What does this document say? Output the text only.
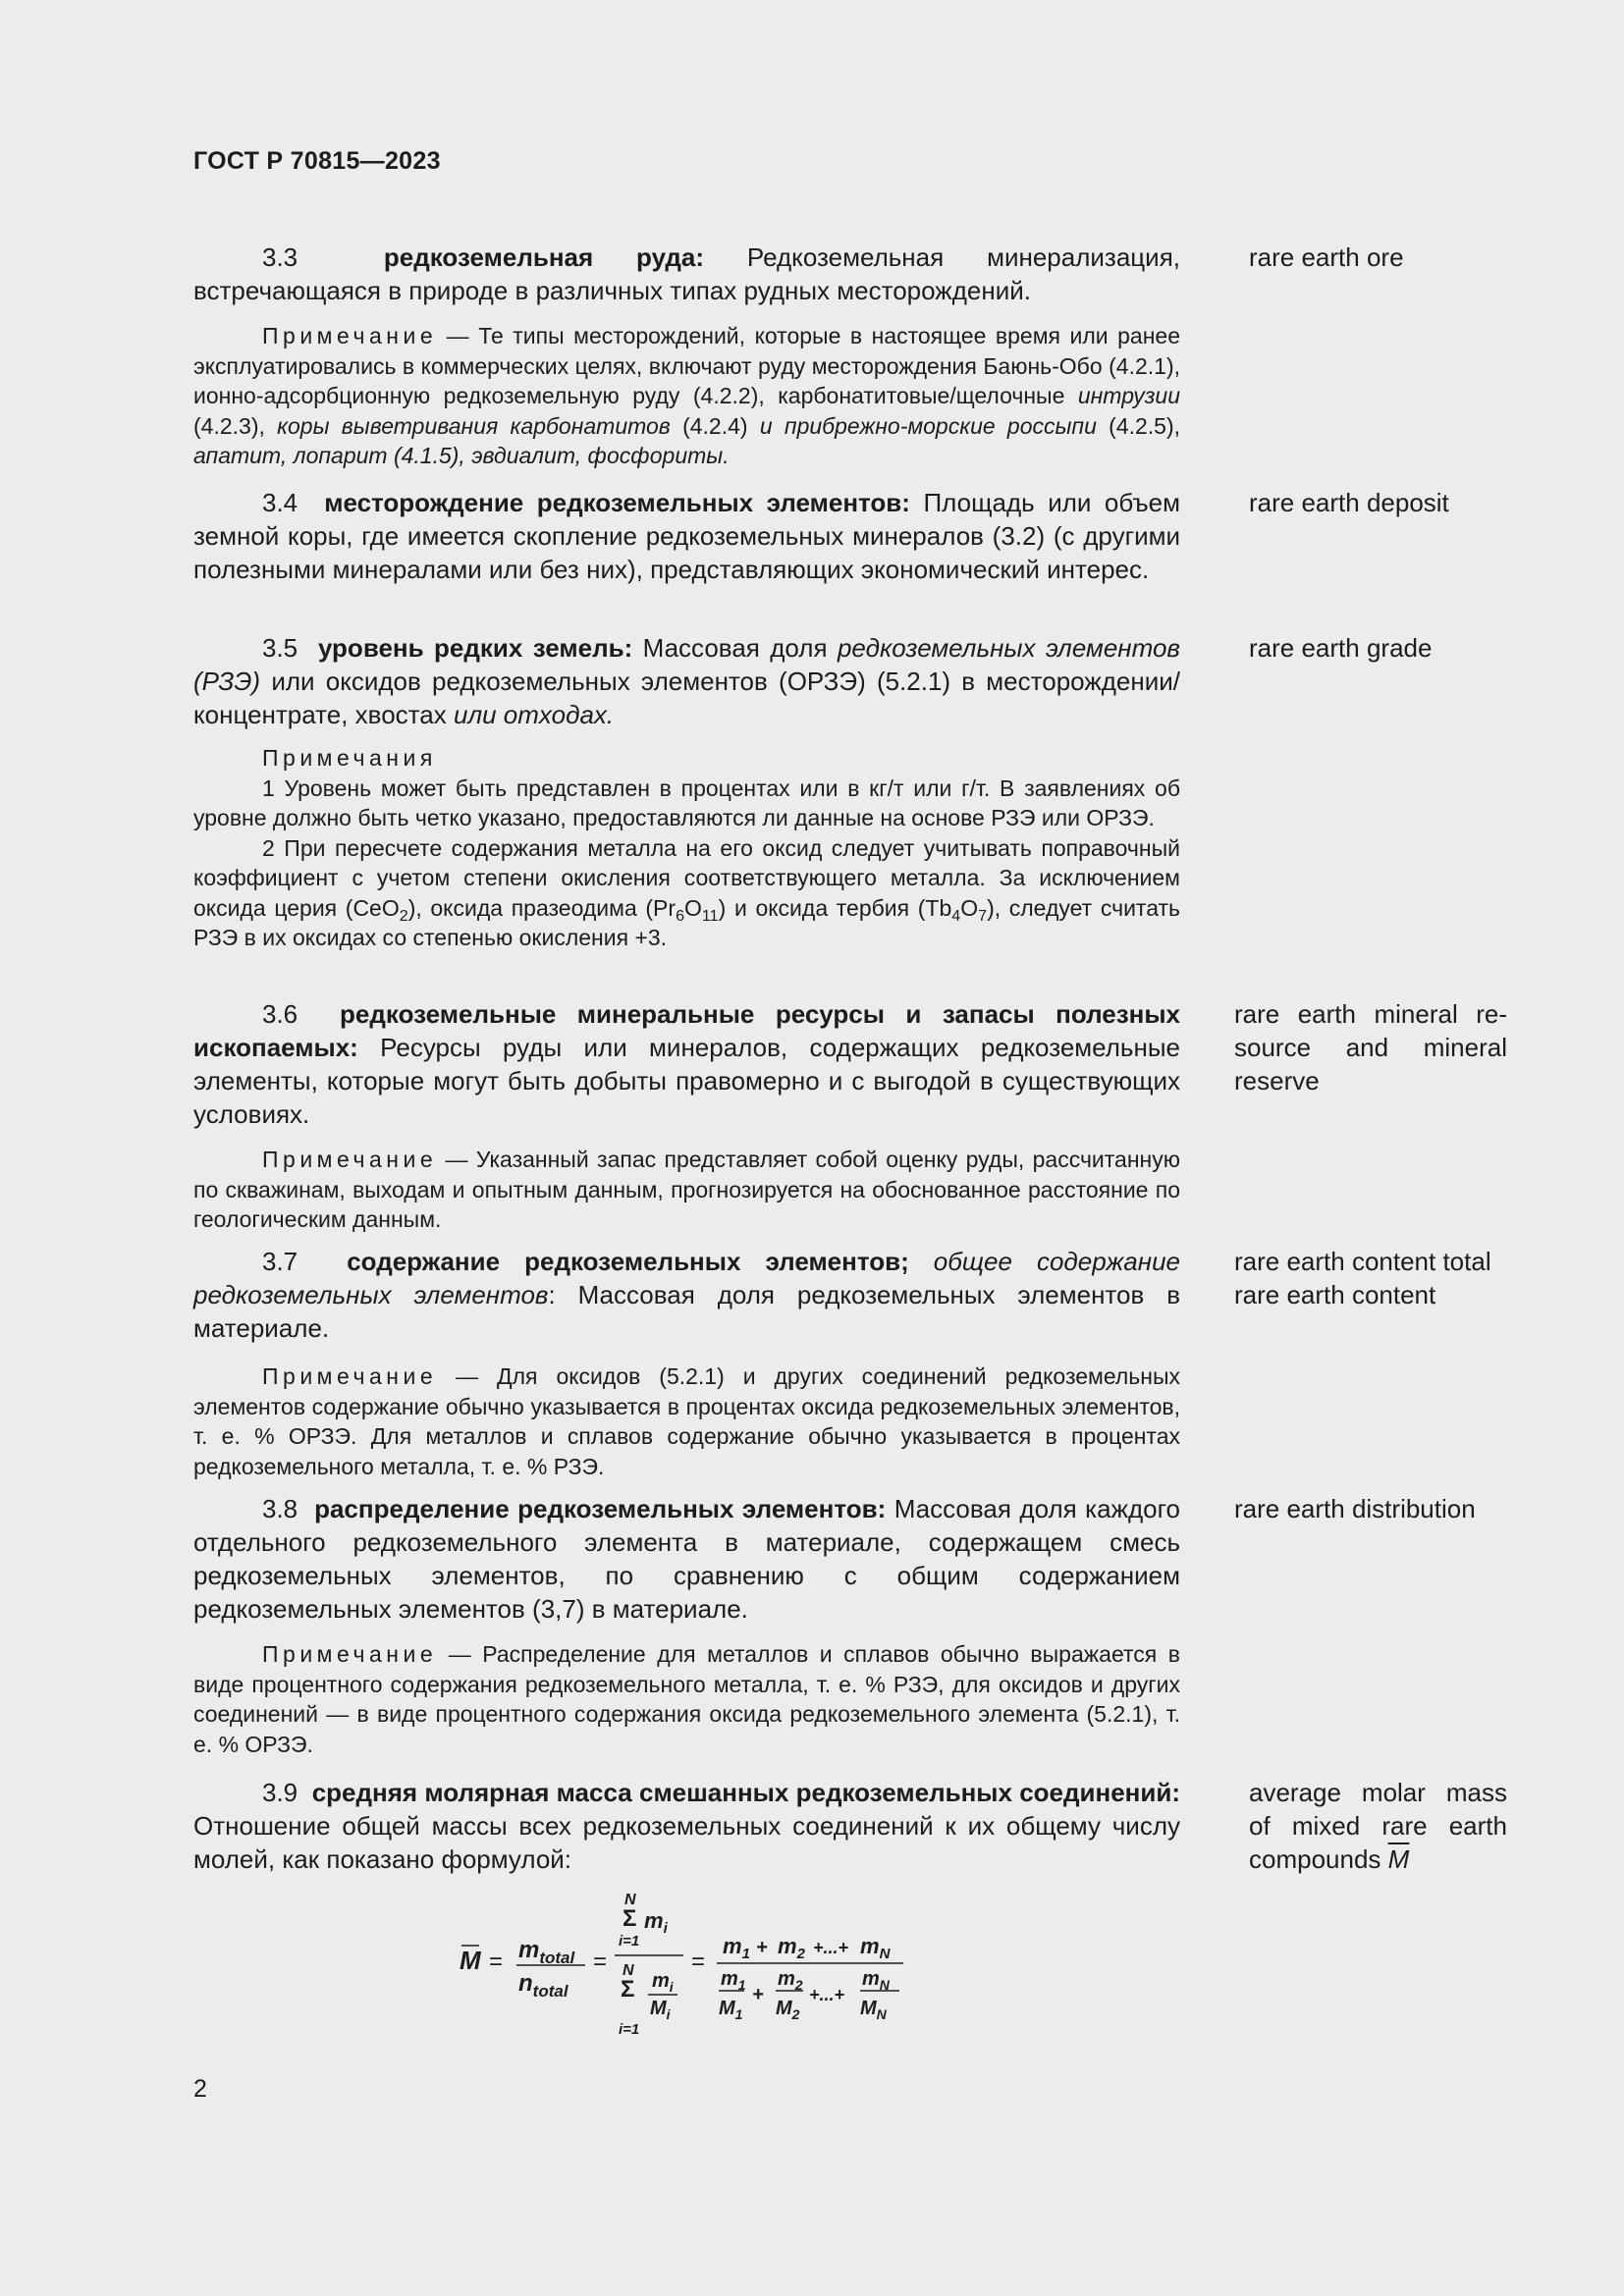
ГОСТ Р 70815—2023

3.3	редкоземельная руда: Редкоземельная минерализация, встречающаяся в природе в различных типах рудных месторождений.

rare earth ore

Примечание — Те типы месторождений, которые в настоящее время или ранее эксплуатировались в коммерческих целях, включают руду месторождения Баюнь-Обо (4.2.1), ионно-адсорбционную редкоземельную руду (4.2.2), карбонатитовые/щелочные интрузии (4.2.3), коры выветривания карбонатитов (4.2.4) и прибрежно-морские россыпи (4.2.5), апатит, лопарит (4.1.5), эвдиалит, фосфориты.

3.4 месторождение редкоземельных элементов: Площадь или объем земной коры, где имеется скопление редкоземельных минералов (3.2) (с другими полезными минералами или без них), представляющих экономический интерес.

rare earth deposit

3.5 уровень редких земель: Массовая доля редкоземельных элементов (РЗЭ) или оксидов редкоземельных элементов (ОРЗЭ) (5.2.1) в месторождении/концентрате, хвостах или отходах.

rare earth grade

Примечания

1 Уровень может быть представлен в процентах или в кг/т или г/т. В заявлениях об уровне должно быть четко указано, предоставляются ли данные на основе РЗЭ или ОРЗЭ.

2 При пересчете содержания металла на его оксид следует учитывать поправочный коэффициент с учетом степени окисления соответствующего металла. За исключением оксида церия (CeO$_2$), оксида празеодима $(Pr_6O_{11})$ и оксида тербия $(Tb_4O_7)$, следует считать РЗЭ в их оксидах со степенью окисления +3.

3.6 редкоземельные минеральные ресурсы и запасы полезных ископаемых: Ресурсы руды или минералов, содержащих редкоземельные элементы, которые могут быть добыты правомерно и с выгодой в существующих условиях.

rare earth mineral re-
source and mineral
reserve

Примечание — Указанный запас представляет собой оценку руды, рассчитанную по скважинам, выходам и опытным данным, прогнозируется на обоснованное расстояние по геологическим данным.

3.7 содержание редкоземельных элементов; общее содержание редкоземельных элементов: Массовая доля редкоземельных элементов в материале.

rare earth content total
rare earth content

Примечание — Для оксидов (5.2.1) и других соединений редкоземельных элементов содержание обычно указывается в процентах оксида редкоземельных элементов, т. е. % ОРЗЭ. Для металлов и сплавов содержание обычно указывается в процентах редкоземельного металла, т. е. % РЗЭ.

3.8 распределение редкоземельных элементов: Массовая доля каждого отдельного редкоземельного элемента в материале, содержащем смесь редкоземельных элементов, по сравнению с общим содержанием редкоземельных элементов (3,7) в материале.

rare earth distribution

Примечание — Распределение для металлов и сплавов обычно выражается в виде процентного содержания редкоземельного металла, т. е. % РЗЭ, для оксидов и других соединений — в виде процентного содержания оксида редкоземельного элемента (5.2.1), т. е. % ОРЗЭ.

3.9 средняя молярная масса смешанных редкоземельных соединений: Отношение общей массы всех редкоземельных соединений к их общему числу молей, как показано формулой:

average molar mass
of mixed rare earth
compounds $\overline{M}$
$M = m_{total}$
$n_{total}$
=
N
Σ $m_i$
i=1
N
Σ $m_i$
$M_i$
i=1
=
$m_1 + m_2$ +...+ $m_N$
$m_1$
$M_1$
+
$m_2$
$M_2$
+...+
$m_N$
$M_N$
2
